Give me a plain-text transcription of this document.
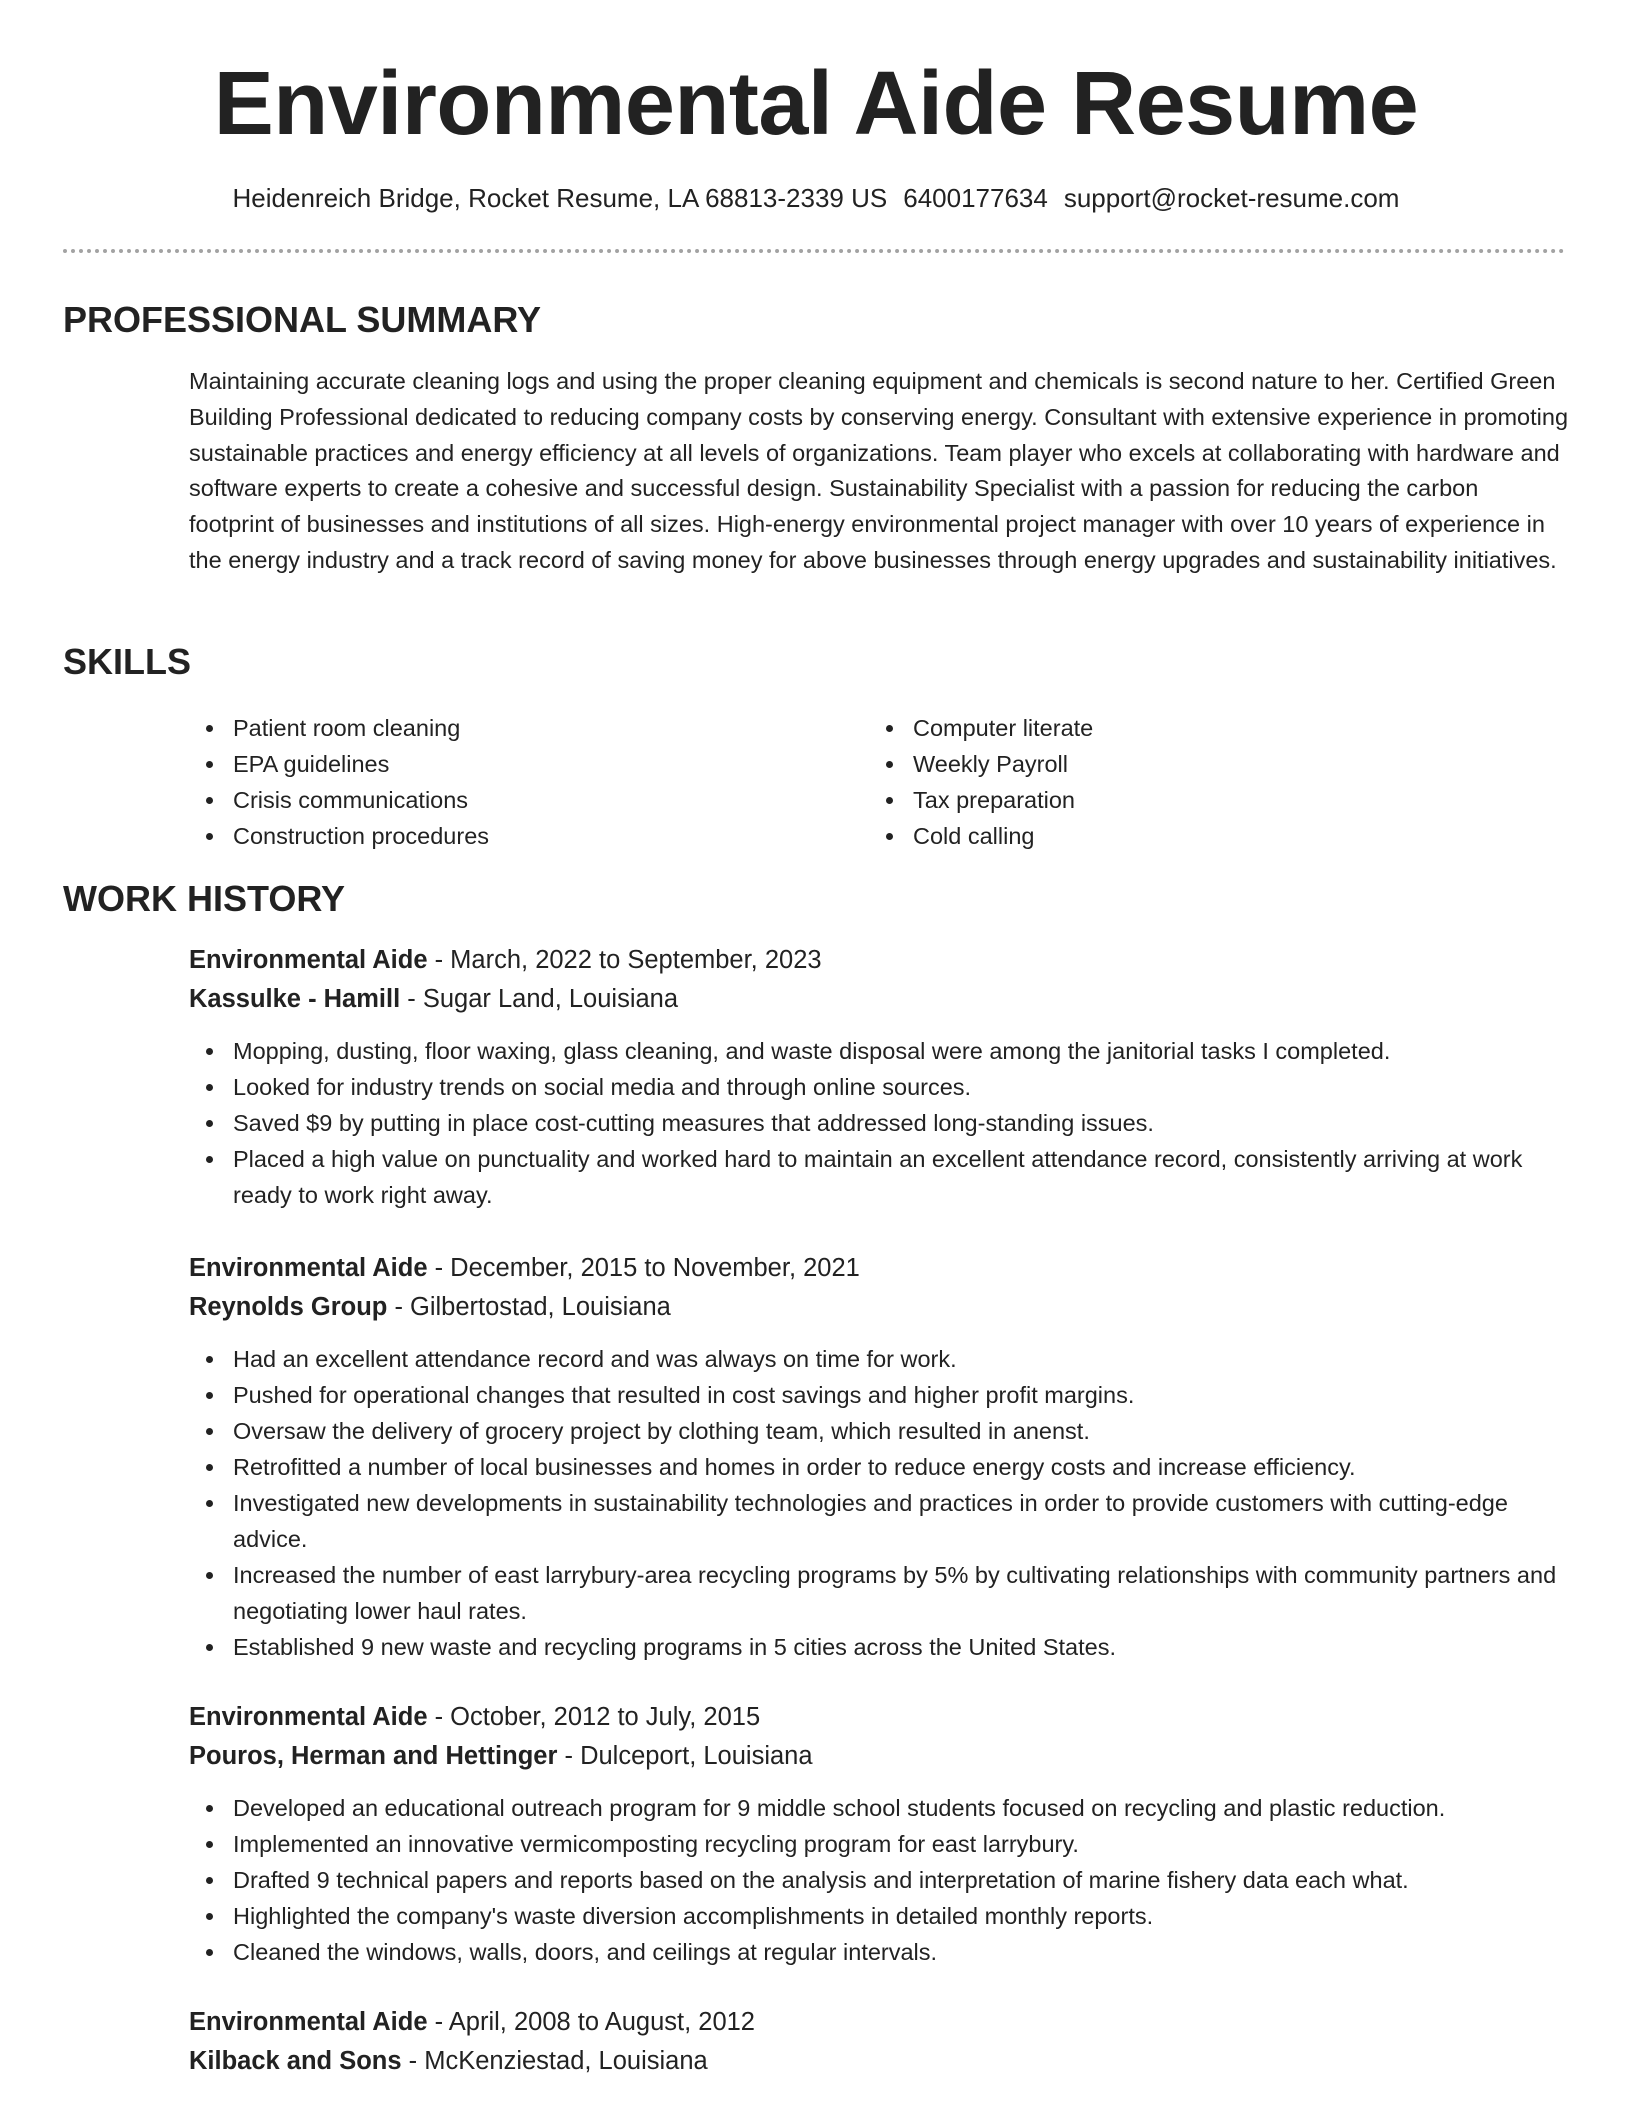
Environmental Aide Resume
Heidenreich Bridge, Rocket Resume, LA 68813-2339 US 6400177634 support@rocket-resume.com
PROFESSIONAL SUMMARY

Maintaining accurate cleaning logs and using the proper cleaning equipment and chemicals is second nature to her. Certified Green Building Professional dedicated to reducing company costs by conserving energy. Consultant with extensive experience in promoting sustainable practices and energy efficiency at all levels of organizations. Team player who excels at collaborating with hardware and software experts to create a cohesive and successful design. Sustainability Specialist with a passion for reducing the carbon footprint of businesses and institutions of all sizes. High-energy environmental project manager with over 10 years of experience in the energy industry and a track record of saving money for above businesses through energy upgrades and sustainability initiatives.

SKILLS
Patient room cleaning	Computer literate
EPA guidelines	Weekly Payroll
Crisis communications	Tax preparation
Construction procedures	Cold calling
WORK HISTORY
Environmental Aide - March, 2022 to September, 2023
Kassulke - Hamill - Sugar Land, Louisiana
Mopping, dusting, floor waxing, glass cleaning, and waste disposal were among the janitorial tasks I completed.
Looked for industry trends on social media and through online sources.
Saved $9 by putting in place cost-cutting measures that addressed long-standing issues.
Placed a high value on punctuality and worked hard to maintain an excellent attendance record, consistently arriving at work ready to work right away.
Environmental Aide - December, 2015 to November, 2021
Reynolds Group - Gilbertostad, Louisiana
Had an excellent attendance record and was always on time for work.
Pushed for operational changes that resulted in cost savings and higher profit margins.
Oversaw the delivery of grocery project by clothing team, which resulted in anenst.
Retrofitted a number of local businesses and homes in order to reduce energy costs and increase efficiency.
Investigated new developments in sustainability technologies and practices in order to provide customers with cutting-edge advice.
Increased the number of east larrybury-area recycling programs by 5% by cultivating relationships with community partners and negotiating lower haul rates.
Established 9 new waste and recycling programs in 5 cities across the United States.
Environmental Aide - October, 2012 to July, 2015
Pouros, Herman and Hettinger - Dulceport, Louisiana
Developed an educational outreach program for 9 middle school students focused on recycling and plastic reduction.
Implemented an innovative vermicomposting recycling program for east larrybury.
Drafted 9 technical papers and reports based on the analysis and interpretation of marine fishery data each what.
Highlighted the company's waste diversion accomplishments in detailed monthly reports.
Cleaned the windows, walls, doors, and ceilings at regular intervals.
Environmental Aide - April, 2008 to August, 2012
Kilback and Sons - McKenziestad, Louisiana
